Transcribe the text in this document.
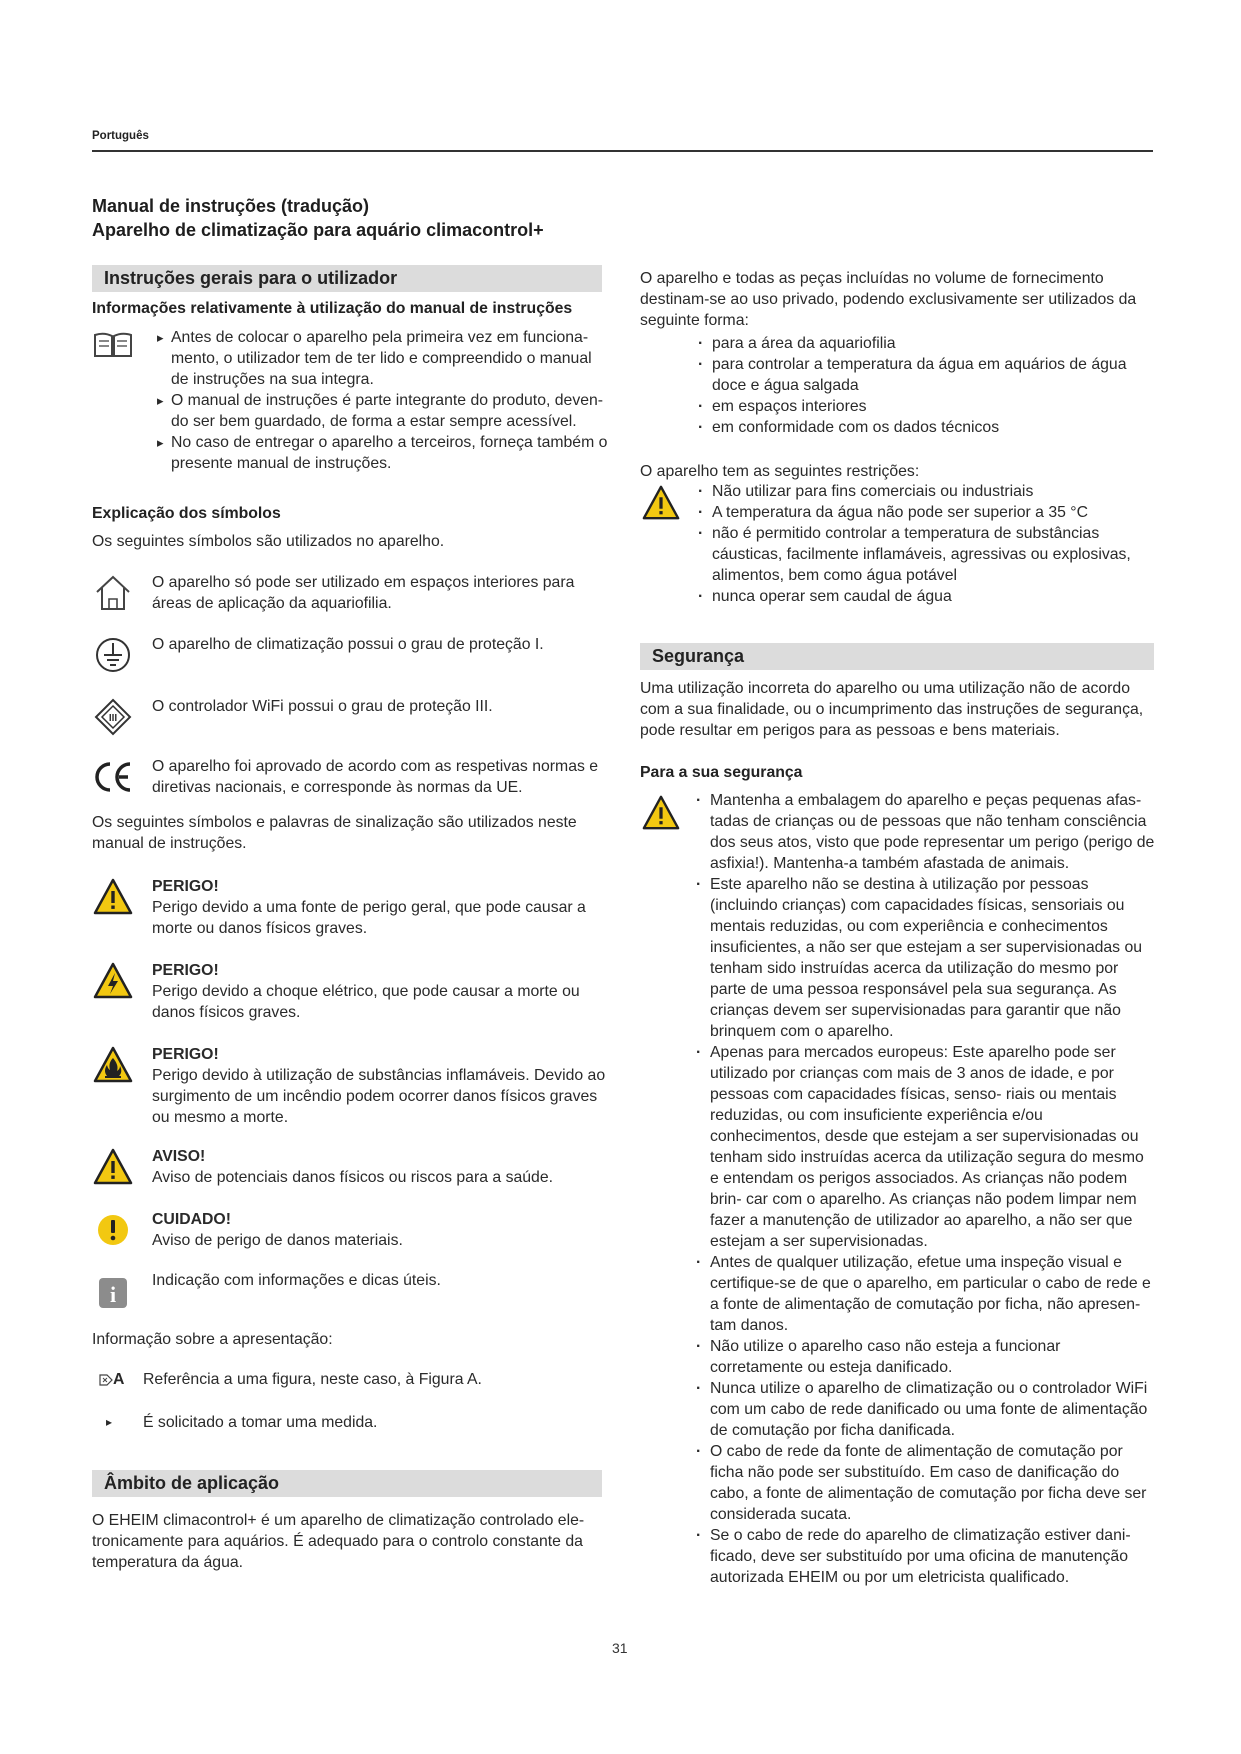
Português
Manual de instruções (tradução)
Aparelho de climatização para aquário climacontrol+
Instruções gerais para o utilizador
Informações relativamente à utilização do manual de instruções
▸ Antes de colocar o aparelho pela primeira vez em funciona- mento, o utilizador tem de ter lido e compreendido o manual de instruções na sua integra.
▸ O manual de instruções é parte integrante do produto, deven- do ser bem guardado, de forma a estar sempre acessível.
▸ No caso de entregar o aparelho a terceiros, forneça também o presente manual de instruções.
Explicação dos símbolos
Os seguintes símbolos são utilizados no aparelho.
O aparelho só pode ser utilizado em espaços interiores para áreas de aplicação da aquariofilia.
O aparelho de climatização possui o grau de proteção I.
III
O controlador WiFi possui o grau de proteção III.
O aparelho foi aprovado de acordo com as respetivas normas e diretivas nacionais, e corresponde às normas da UE.
Os seguintes símbolos e palavras de sinalização são utilizados neste manual de instruções.
PERIGO!
Perigo devido a uma fonte de perigo geral, que pode causar a morte ou danos físicos graves.
PERIGO!
Perigo devido a choque elétrico, que pode causar a morte ou danos físicos graves.
PERIGO!
Perigo devido à utilização de substâncias inflamáveis. Devido ao surgimento de um incêndio podem ocorrer danos físicos graves ou mesmo a morte.
AVISO!
Aviso de potenciais danos físicos ou riscos para a saúde.
CUIDADO!
Aviso de perigo de danos materiais.
i
Indicação com informações e dicas úteis.
Informação sobre a apresentação:
A Referência a uma figura, neste caso, à Figura A.
▸ É solicitado a tomar uma medida.
Âmbito de aplicação
O EHEIM climacontrol+ é um aparelho de climatização controlado ele- tronicamente para aquários. É adequado para o controlo constante da temperatura da água.
O aparelho e todas as peças incluídas no volume de fornecimento destinam-se ao uso privado, podendo exclusivamente ser utilizados da seguinte forma:
· para a área da aquariofilia
· para controlar a temperatura da água em aquários de água doce e água salgada
· em espaços interiores
· em conformidade com os dados técnicos
O aparelho tem as seguintes restrições:
· Não utilizar para fins comerciais ou industriais
· A temperatura da água não pode ser superior a 35 °C
· não é permitido controlar a temperatura de substâncias cáusticas, facilmente inflamáveis, agressivas ou explosivas, alimentos, bem como água potável
· nunca operar sem caudal de água
Segurança
Uma utilização incorreta do aparelho ou uma utilização não de acordo com a sua finalidade, ou o incumprimento das instruções de segurança, pode resultar em perigos para as pessoas e bens materiais.
Para a sua segurança
· Mantenha a embalagem do aparelho e peças pequenas afas- tadas de crianças ou de pessoas que não tenham consciência dos seus atos, visto que pode representar um perigo (perigo de asfixia!). Mantenha-a também afastada de animais.
· Este aparelho não se destina à utilização por pessoas (incluindo crianças) com capacidades físicas, sensoriais ou mentais reduzidas, ou com experiência e conhecimentos insuficientes, a não ser que estejam a ser supervisionadas ou tenham sido instruídas acerca da utilização do mesmo por parte de uma pessoa responsável pela sua segurança. As crianças devem ser supervisionadas para garantir que não brinquem com o aparelho.
· Apenas para mercados europeus: Este aparelho pode ser utilizado por crianças com mais de 3 anos de idade, e por pessoas com capacidades físicas, senso- riais ou mentais reduzidas, ou com insuficiente experiência e/ou conhecimentos, desde que estejam a ser supervisionadas ou tenham sido instruídas acerca da utilização segura do mesmo e entendam os perigos associados. As crianças não podem brin- car com o aparelho. As crianças não podem limpar nem fazer a manutenção de utilizador ao aparelho, a não ser que estejam a ser supervisionadas.
· Antes de qualquer utilização, efetue uma inspeção visual e certifique-se de que o aparelho, em particular o cabo de rede e a fonte de alimentação de comutação por ficha, não apresen- tam danos.
· Não utilize o aparelho caso não esteja a funcionar corretamente ou esteja danificado.
· Nunca utilize o aparelho de climatização ou o controlador WiFi com um cabo de rede danificado ou uma fonte de alimentação de comutação por ficha danificada.
· O cabo de rede da fonte de alimentação de comutação por ficha não pode ser substituído. Em caso de danificação do cabo, a fonte de alimentação de comutação por ficha deve ser considerada sucata.
· Se o cabo de rede do aparelho de climatização estiver dani- ficado, deve ser substituído por uma oficina de manutenção autorizada EHEIM ou por um eletricista qualificado.
31
